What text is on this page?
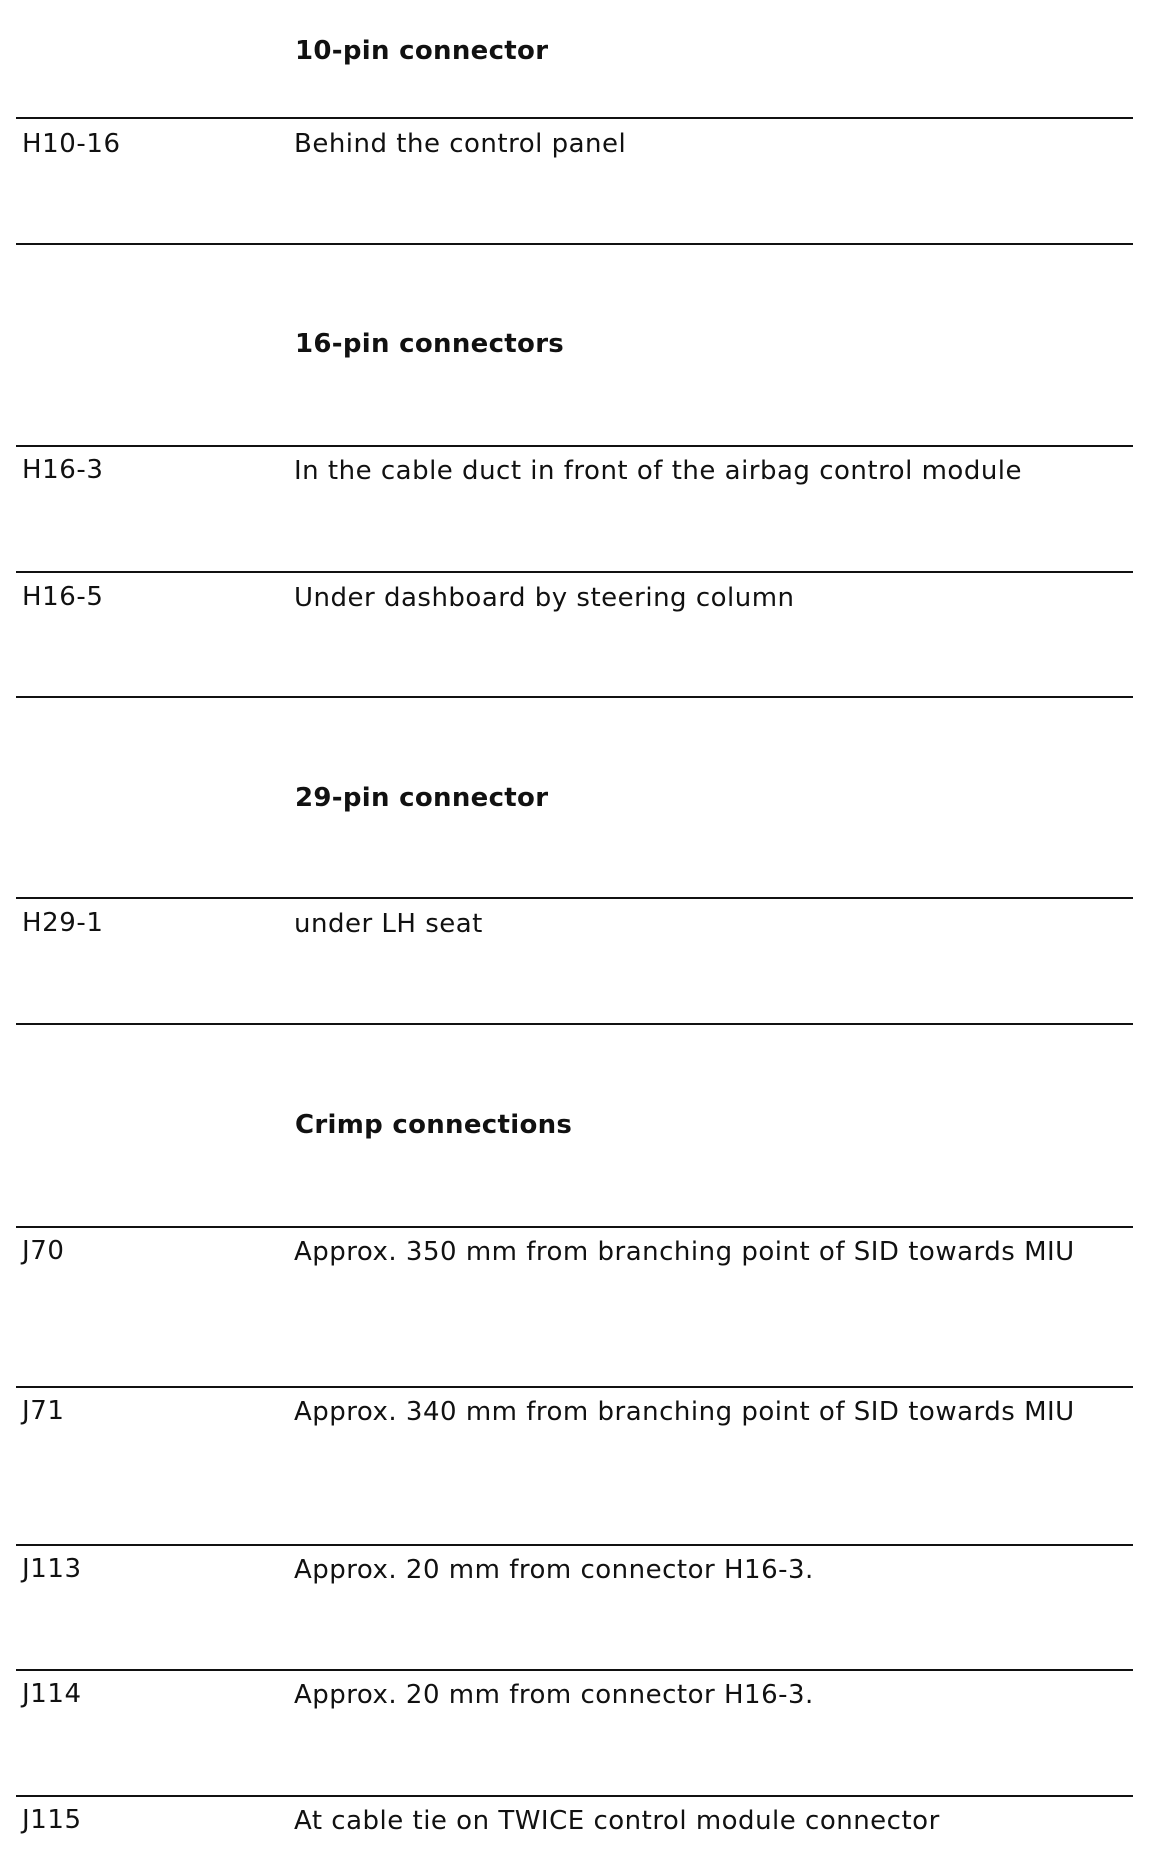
10-pin connector
H10-16	Behind the control panel
16-pin connectors
H16-3	In the cable duct in front of the airbag control module
H16-5	Under dashboard by steering column
29-pin connector
H29-1	under LH seat
Crimp connections
J70	Approx. 350 mm from branching point of SID towards MIU
J71	Approx. 340 mm from branching point of SID towards MIU
J113	Approx. 20 mm from connector H16-3.
J114	Approx. 20 mm from connector H16-3.
J115	At cable tie on TWICE control module connector
